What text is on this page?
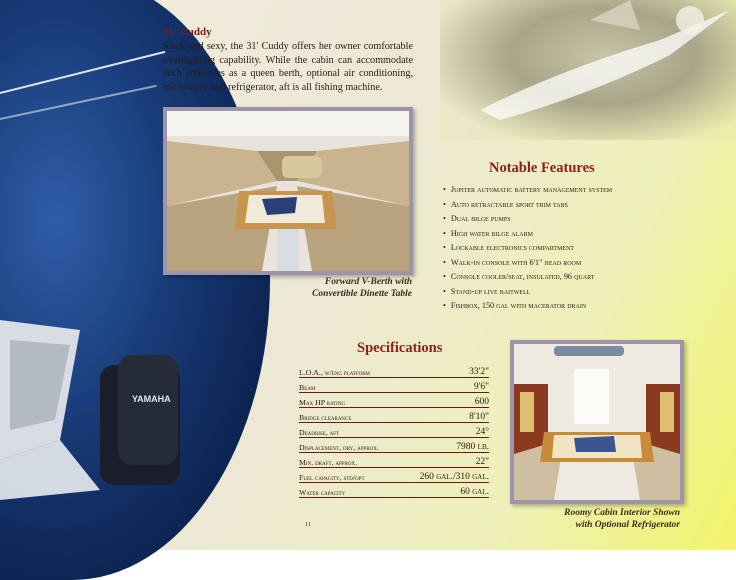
YAMAHA
31' Cuddy
Sleek and sexy, the 31' Cuddy offers her owner comfortable overnighting capability. While the cabin can accommodate such amenities as a queen berth, optional air conditioning, microwave and refrigerator, aft is all fishing machine.
Forward V-Berth with
Convertible Dinette Table
Notable Features
• Jupiter automatic battery management system
• Auto retractable sport trim tabs
• Dual bilge pumps
• High water bilge alarm
• Lockable electronics compartment
• Walk-in console with 6'1" head room
• Console cooler/seat, insulated, 96 quart
• Stand-up live baitwell
• Fishbox, 150 gal with macerator drain
Specifications
L.O.A., w/eng platform	33'2"
Beam	9'6"
Max HP rating	600
Bridge clearance	8'10"
Deadrise, aft	24°
Displacement, dry, approx.	7980 lb.
Min. draft, approx.	22"
Fuel capacity, std/opt	260 gal./310 gal.
Water capacity	60 gal.
Roomy Cabin Interior Shown
with Optional Refrigerator
11
